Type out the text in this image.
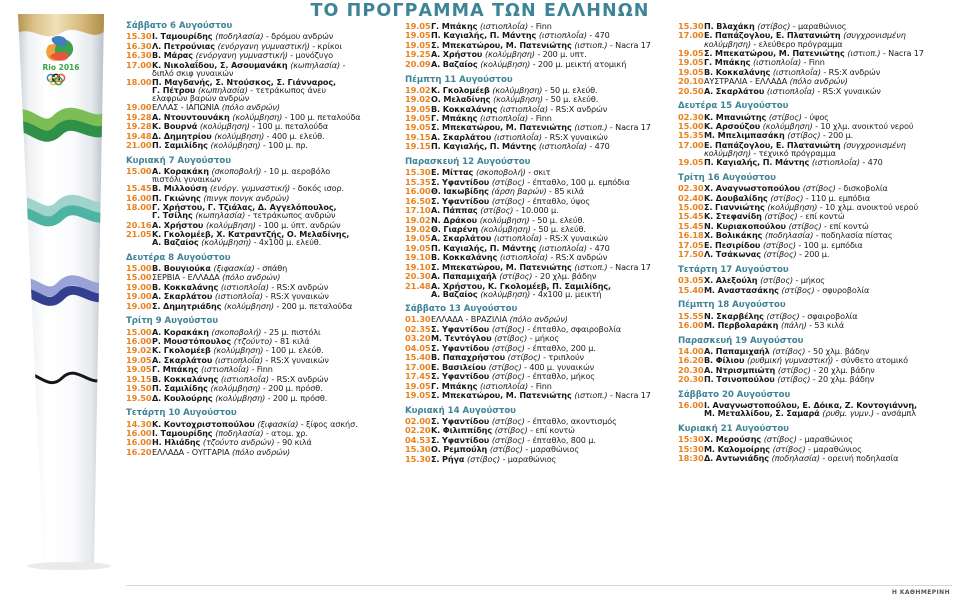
Rio 2016
ΤΟ ΠΡΟΓΡΑΜΜΑ ΤΩΝ ΕΛΛΗΝΩΝ
Σάββατο 6 Αυγούστου
15.30 Ι. Ταμουρίδης (ποδηλασία) - δρόμου ανδρών
16.30 Λ. Πετρούνιας (ενόργανη γυμναστική) - κρίκοι
16.30 Β. Μάρας (ενόργανη γυμναστική) - μονόζυγο
17.00 Κ. Νικολαΐδου, Σ. Ασουμανάκη (κωπηλασία) -
διπλό σκιφ γυναικών
18.00 Π. Μαγδανής, Σ. Ντούσκος, Σ. Γιάνναρος,
Γ. Πέτρου (κωπηλασία) - τετράκωπος άνευ
ελαφρών βαρών ανδρών
19.00 ΕΛΛΑΣ - ΙΑΠΩΝΙΑ (πόλο ανδρών)
19.28 Α. Ντουντουνάκη (κολύμβηση) - 100 μ. πεταλούδα
19.28 Κ. Βουρνά (κολύμβηση) - 100 μ. πεταλούδα
19.48 Δ. Δημητρίου (κολύμβηση) - 400 μ. ελεύθ.
21.00 Π. Σαμιλίδης (κολύμβηση) - 100 μ. πρ.
Κυριακή 7 Αυγούστου
15.00 Α. Κορακάκη (σκοποβολή) - 10 μ. αεροβόλο
πιστόλι γυναικών
15.45 Β. Μιλλούση (ενόργ. γυμναστική) - δοκός ισορ.
16.00 Π. Γκιώνης (πινγκ πονγκ ανδρών)
18.00 Γ. Χρήστου, Γ. Τζιάλας, Δ. Αγγελόπουλος,
Γ. Τσίλης (κωπηλασία) - τετράκωπος ανδρών
20.16 Α. Χρήστου (κολύμβηση) - 100 μ. ύπτ. ανδρών
21.05 Κ. Γκολομέεβ, Χ. Κατραντζής, Ο. Μελαδίνης,
Α. Βαζαίος (κολύμβηση) - 4x100 μ. ελεύθ.
Δευτέρα 8 Αυγούστου
15.00 Β. Βουγιούκα (ξιφασκία) - σπάθη
15.00 ΣΕΡΒΙΑ - ΕΛΛΑΔΑ (πόλο ανδρών)
19.00 Β. Κοκκαλάνης (ιστιοπλοΐα) - RS:X ανδρών
19.00 Α. Σκαρλάτου (ιστιοπλοΐα) - RS:X γυναικών
19.00 Σ. Δημητριάδης (κολύμβηση) - 200 μ. πεταλούδα
Τρίτη 9 Αυγούστου
15.00 Α. Κορακάκη (σκοποβολή) - 25 μ. πιστόλι
16.00 Ρ. Μουστόπουλος (τζούντο) - 81 κιλά
19.02 Κ. Γκολομέεβ (κολύμβηση) - 100 μ. ελεύθ.
19.05 Α. Σκαρλάτου (ιστιοπλοΐα) - RS:X γυναικών
19.05 Γ. Μπάκης (ιστιοπλοΐα) - Finn
19.15 Β. Κοκκαλάνης (ιστιοπλοΐα) - RS:X ανδρών
19.50 Π. Σαμιλίδης (κολύμβηση) - 200 μ. πρόσθ.
19.50 Δ. Κουλούρης (κολύμβηση) - 200 μ. πρόσθ.
Τετάρτη 10 Αυγούστου
14.30 Κ. Κοντοχριστοπούλου (ξιφασκία) - ξίφος ασκήσ.
16.00 Ι. Ταμουρίδης (ποδηλασία) - ατομ. χρ.
16.00 Η. Ηλιάδης (τζούντο ανδρών) - 90 κιλά
16.20 ΕΛΛΑΔΑ - ΟΥΓΓΑΡΙΑ (πόλο ανδρών)
19.05 Γ. Μπάκης (ιστιοπλοΐα) - Finn
19.05 Π. Καγιαλής, Π. Μάντης (ιστιοπλοΐα) - 470
19.05 Σ. Μπεκατώρου, Μ. Πατενιώτης (ιστιοπ.) - Nacra 17
19.25 Α. Χρήστου (κολύμβηση) - 200 μ. υπτ.
20.09 Α. Βαζαίος (κολύμβηση) - 200 μ. μεικτή ατομική
Πέμπτη 11 Αυγούστου
19.02 Κ. Γκολομέεβ (κολύμβηση) - 50 μ. ελεύθ.
19.02 Ο. Μελαδίνης (κολύμβηση) - 50 μ. ελεύθ.
19.05 Β. Κοκκαλάνης (ιστιοπλοΐα) - RS:X ανδρών
19.05 Γ. Μπάκης (ιστιοπλοΐα) - Finn
19.05 Σ. Μπεκατώρου, Μ. Πατενιώτης (ιστιοπ.) - Nacra 17
19.15 Α. Σκαρλάτου (ιστιοπλοΐα) - RS:X γυναικών
19.15 Π. Καγιαλής, Π. Μάντης (ιστιοπλοΐα) - 470
Παρασκευή 12 Αυγούστου
15.30 Ε. Μίττας (σκοποβολή) - σκιτ
15.35 Σ. Υφαντίδου (στίβος) - έπταθλο, 100 μ. εμπόδια
16.00 Θ. Ιακωβίδης (άρση βαρών) - 85 κιλά
16.50 Σ. Υφαντίδου (στίβος) - έπταθλο, ύψος
17.10 Α. Πάππας (στίβος) - 10.000 μ.
19.02 Ν. Δράκου (κολύμβηση) - 50 μ. ελεύθ.
19.02 Θ. Γιαρένη (κολύμβηση) - 50 μ. ελεύθ.
19.05 Α. Σκαρλάτου (ιστιοπλοΐα) - RS:X γυναικών
19.05 Π. Καγιαλής, Π. Μάντης (ιστιοπλοΐα) - 470
19.10 Β. Κοκκαλάνης (ιστιοπλοΐα) - RS:X ανδρών
19.10 Σ. Μπεκατώρου, Μ. Πατενιώτης (ιστιοπ.) - Nacra 17
20.30 Α. Παπαμιχαήλ (στίβος) - 20 χλμ. βάδην
21.48 Α. Χρήστου, Κ. Γκολομέεβ, Π. Σαμιλίδης,
Α. Βαζαίος (κολύμβηση) - 4x100 μ. μεικτή
Σάββατο 13 Αυγούστου
01.30 ΕΛΛΑΔΑ - ΒΡΑΖΙΛΙΑ (πόλο ανδρών)
02.35 Σ. Υφαντίδου (στίβος) - έπταθλο, σφαιροβολία
03.20 Μ. Τεντόγλου (στίβος) - μήκος
04.05 Σ. Υφαντίδου (στίβος) - έπταθλο, 200 μ.
15.40 Β. Παπαχρήστου (στίβος) - τριπλούν
17.00 Ε. Βασιλείου (στίβος) - 400 μ. γυναικών
17.45 Σ. Υφαντίδου (στίβος) - έπταθλο, μήκος
19.05 Γ. Μπάκης (ιστιοπλοΐα) - Finn
19.05 Σ. Μπεκατώρου, Μ. Πατενιώτης (ιστιοπ.) - Nacra 17
Κυριακή 14 Αυγούστου
02.00 Σ. Υφαντίδου (στίβος) - έπταθλο, ακοντισμός
02.20 Κ. Φιλιππίδης (στίβος) - επί κοντώ
04.53 Σ. Υφαντίδου (στίβος) - έπταθλο, 800 μ.
15.30 Ο. Ρεμπούλη (στίβος) - μαραθώνιος
15.30 Σ. Ρήγα (στίβος) - μαραθώνιος
15.30 Π. Βλαχάκη (στίβος) - μαραθώνιος
17.00 Ε. Παπάζογλου, Ε. Πλατανιώτη (συγχρονισμένη
κολύμβηση) - ελεύθερο πρόγραμμα
19.05 Σ. Μπεκατώρου, Μ. Πατενιώτης (ιστιοπ.) - Nacra 17
19.05 Γ. Μπάκης (ιστιοπλοΐα) - Finn
19.05 Β. Κοκκαλάνης (ιστιοπλοΐα) - RS:X ανδρών
20.10 ΑΥΣΤΡΑΛΙΑ - ΕΛΛΑΔΑ (πόλο ανδρών)
20.50 Α. Σκαρλάτου (ιστιοπλοΐα) - RS:X γυναικών
Δευτέρα 15 Αυγούστου
02.30 Κ. Μπανιώτης (στίβος) - ύψος
15.00 Κ. Αρσούζου (κολύμβηση) - 10 χλμ. ανοικτού νερού
15.35 Μ. Μπελιμπασάκη (στίβος) - 200 μ.
17.00 Ε. Παπάζογλου, Ε. Πλατανιώτη (συγχρονισμένη
κολύμβηση) - τεχνικό πρόγραμμα
19.05 Π. Καγιαλής, Π. Μάντης (ιστιοπλοΐα) - 470
Τρίτη 16 Αυγούστου
02.30 Χ. Αναγνωστοπούλου (στίβος) - δισκοβολία
02.40 Κ. Δουβαλίδης (στίβος) - 110 μ. εμπόδια
15.00 Σ. Γιαννιώτης (κολύμβηση) - 10 χλμ. ανοικτού νερού
15.45 Κ. Στεφανίδη (στίβος) - επί κοντώ
15.45 Ν. Κυριακοπούλου (στίβος) - επί κοντώ
16.18 Χ. Βολικάκης (ποδηλασία) - ποδηλασία πίστας
17.05 Ε. Πεσιρίδου (στίβος) - 100 μ. εμπόδια
17.50 Λ. Τσάκωνας (στίβος) - 200 μ.
Τετάρτη 17 Αυγούστου
03.05 Χ. Αλεξούλη (στίβος) - μήκος
15.40 Μ. Αναστασάκης (στίβος) - σφυροβολία
Πέμπτη 18 Αυγούστου
15.55 Ν. Σκαρβέλης (στίβος) - σφαιροβολία
16.00 Μ. Περβολαράκη (πάλη) - 53 κιλά
Παρασκευή 19 Αυγούστου
14.00 Α. Παπαμιχαήλ (στίβος) - 50 χλμ. βάδην
16.20 Β. Φίλιου (ρυθμική γυμναστική) - σύνθετο ατομικό
20.30 Α. Ντρισμπιώτη (στίβος) - 20 χλμ. βάδην
20.30 Π. Τσινοπούλου (στίβος) - 20 χλμ. βάδην
Σάββατο 20 Αυγούστου
16.00 Ι. Αναγνωστοπούλου, Ε. Δόικα, Ζ. Κοντογιάννη,
Μ. Μεταλλίδου, Σ. Σαμαρά (ρυθμ. γυμν.) - ανσάμπλ
Κυριακή 21 Αυγούστου
15:30 Χ. Μερούσης (στίβος) - μαραθώνιος
15:30 Μ. Καλομοίρης (στίβος) - μαραθώνιος
18:30 Δ. Αντωνιάδης (ποδηλασία) - ορεινή ποδηλασία
Η ΚΑΘΗΜΕΡΙΝΗ
